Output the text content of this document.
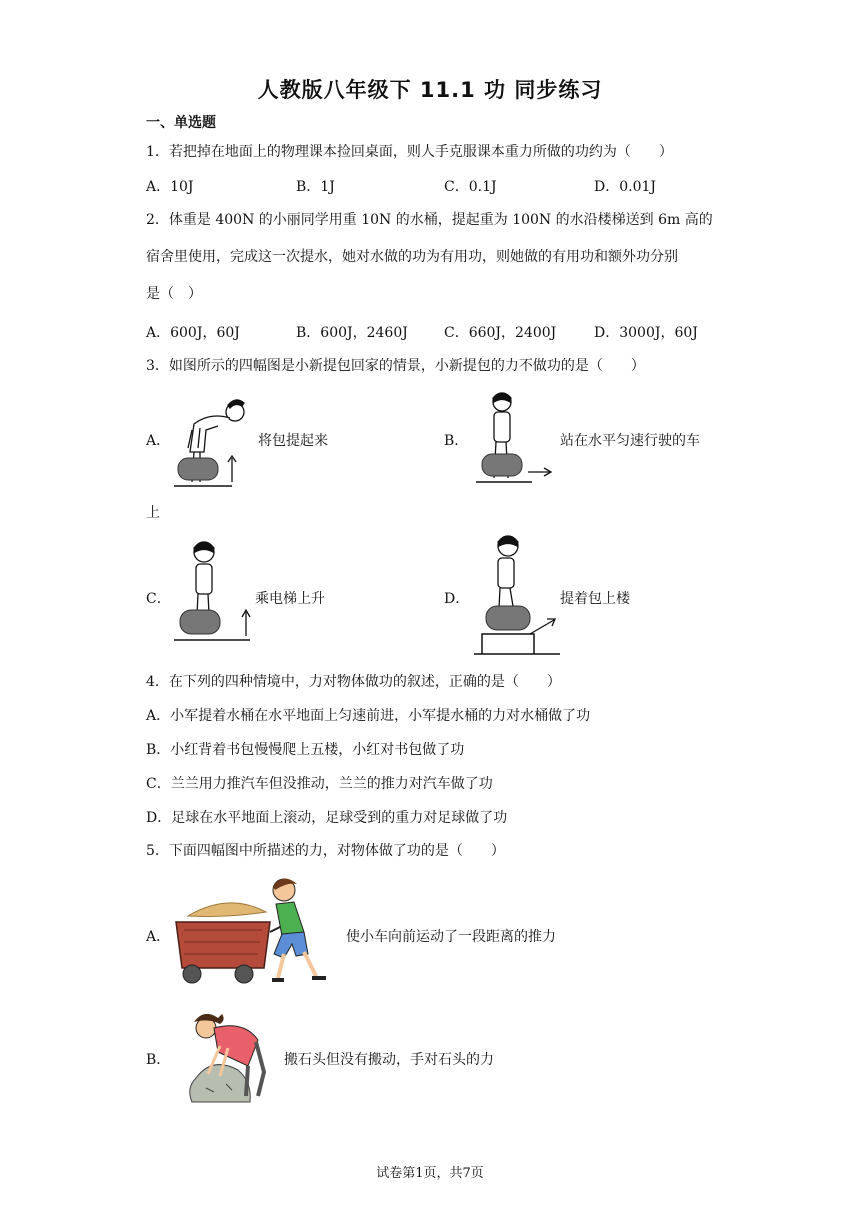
人教版八年级下 11.1 功 同步练习
一、单选题
1．若把掉在地面上的物理课本捡回桌面，则人手克服课本重力所做的功约为（　　）
A．10J	B．1J	C．0.1J	D．0.01J
2．体重是 400N 的小丽同学用重 10N 的水桶，提起重为 100N 的水沿楼梯送到 6m 高的
宿舍里使用，完成这一次提水，她对水做的功为有用功，则她做的有用功和额外功分别
是（　）
A．600J，60J	B．600J，2460J	C．660J，2400J	D．3000J，60J
3．如图所示的四幅图是小新提包回家的情景，小新提包的力不做功的是（　　）
A．	将包提起来	B．	站在水平匀速行驶的车
上
C．	乘电梯上升	D．	提着包上楼
4．在下列的四种情境中，力对物体做功的叙述，正确的是（　　）
A．小军提着水桶在水平地面上匀速前进，小军提水桶的力对水桶做了功
B．小红背着书包慢慢爬上五楼，小红对书包做了功
C．兰兰用力推汽车但没推动，兰兰的推力对汽车做了功
D．足球在水平地面上滚动，足球受到的重力对足球做了功
5．下面四幅图中所描述的力，对物体做了功的是（　　）
A．	使小车向前运动了一段距离的推力
B．	搬石头但没有搬动，手对石头的力
试卷第1页，共7页
